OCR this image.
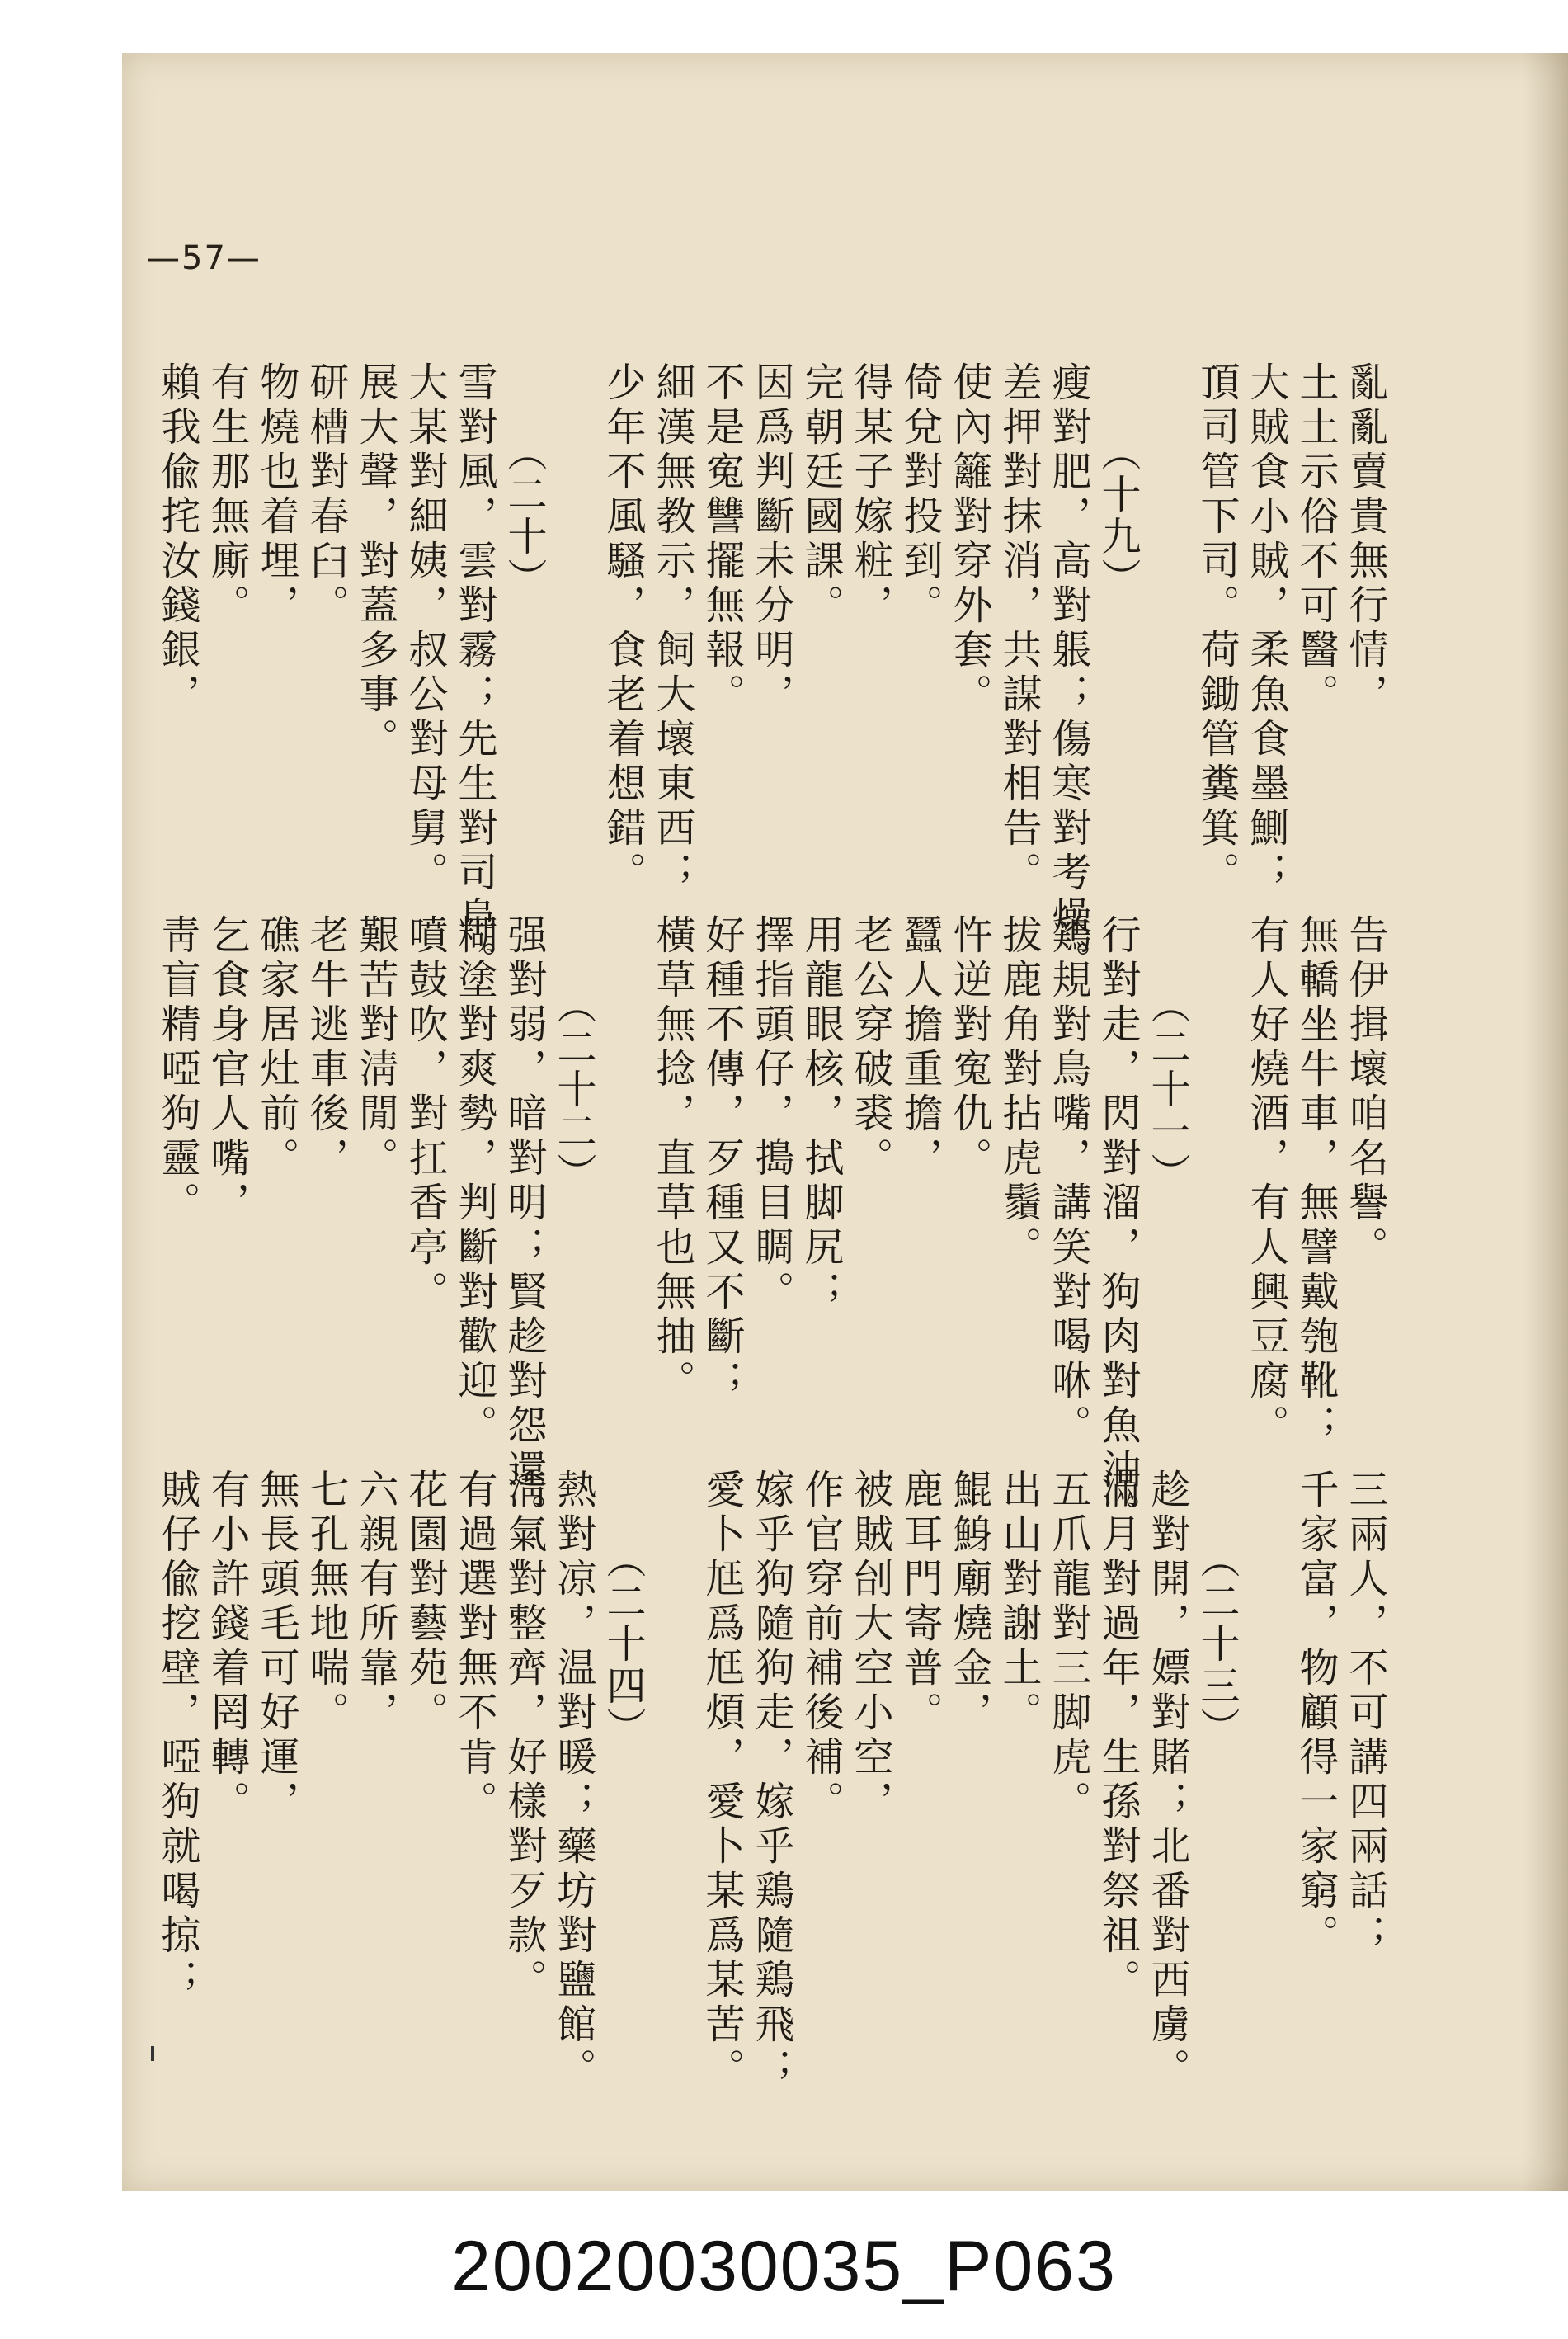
—57—
亂亂賣貴無行情，
土土示俗不可醫。
大賊食小賊，柔魚食墨鰂；
頂司管下司。荷鋤管糞箕。
（十九）
瘦對肥，高對躼；傷寒對考燥。
差押對抹消，共謀對相告。
使內籬對穿外套。
倚兌對投到。
得某子嫁粧，
完朝廷國課。
因爲判斷未分明，
不是寃讐擺無報。
細漢無教示，飼大壞東西；
少年不風騷，食老着想錯。
（二十）
雪對風，雲對霧；先生對司阜。
大某對細姨，叔公對母舅。
展大聲，對蓋多事。
研槽對春臼。
物燒也着埋，
有生那無廝。
賴我偸挓汝錢銀，
告伊揖壞咱名譽。
無轎坐牛車，無譬戴匏靴；
有人好燒酒，有人興豆腐。
（二十一）
行對走，閃對溜，狗肉對魚油。
鶏規對鳥嘴，講笑對喝咻。
拔鹿角對拈虎鬚。
忤逆對寃仇。
蠶人擔重擔，
老公穿破裘。
用龍眼核，拭脚尻；
擇指頭仔，搗目睭。
好種不傳，歹種又不斷；
橫草無捻，直草也無抽。
（二十二）
强對弱，暗對明；賢趁對怨還。
糊塗對爽勢，判斷對歡迎。
噴鼓吹，對扛香亭。
艱苦對淸閒。
老牛逃車後，
礁家居灶前。
乞食身官人嘴，
靑盲精啞狗靈。
三兩人，不可講四兩話；
千家富，物顧得一家窮。
（二十三）
趁對開，嫖對賭；北番對西虜。
滿月對過年，生孫對祭祖。
五爪龍對三脚虎。
出山對謝土。
鯤鯓廟燒金，
鹿耳門寄普。
被賊刣大空小空，
作官穿前補後補。
嫁乎狗隨狗走，嫁乎鶏隨鶏飛；
愛卜尪爲尪煩，愛卜某爲某苦。
（二十四）
熱對凉，温對暖；藥坊對鹽館。
淸氣對整齊，好樣對歹款。
有過選對無不肯。
花園對藝苑。
六親有所靠，
七孔無地喘。
無長頭毛可好運，
有小許錢着罔轉。
賊仔偸挖壁，啞狗就喝掠；
20020030035_P063
